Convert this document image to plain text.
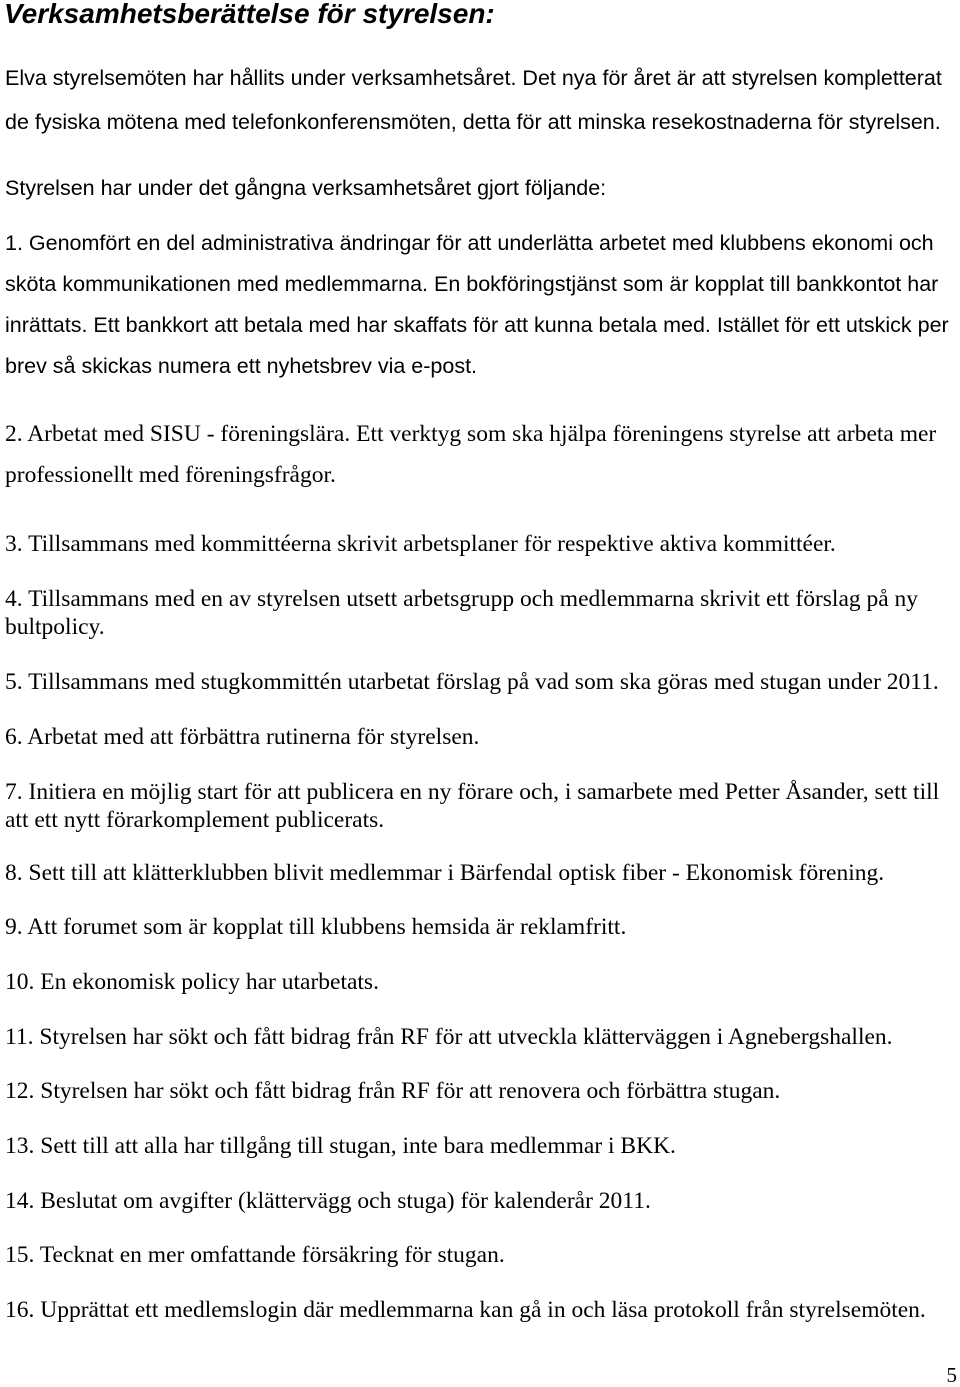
Verksamhetsberättelse för styrelsen:
Elva styrelsemöten har hållits under verksamhetsåret. Det nya för året är att styrelsen kompletterat
de fysiska mötena med telefonkonferensmöten, detta för att minska resekostnaderna för styrelsen.
Styrelsen har under det gångna verksamhetsåret gjort följande:
1. Genomfört en del administrativa ändringar för att underlätta arbetet med klubbens ekonomi och
sköta kommunikationen med medlemmarna. En bokföringstjänst som är kopplat till bankkontot har
inrättats. Ett bankkort att betala med har skaffats för att kunna betala med. Istället för ett utskick per
brev så skickas numera ett nyhetsbrev via e-post.
2. Arbetat med SISU - föreningslära. Ett verktyg som ska hjälpa föreningens styrelse att arbeta mer
professionellt med föreningsfrågor.
3. Tillsammans med kommittéerna skrivit arbetsplaner för respektive aktiva kommittéer.
4. Tillsammans med en av styrelsen utsett arbetsgrupp och medlemmarna skrivit ett förslag på ny
bultpolicy.
5. Tillsammans med stugkommittén utarbetat förslag på vad som ska göras med stugan under 2011.
6. Arbetat med att förbättra rutinerna för styrelsen.
7. Initiera en möjlig start för att publicera en ny förare och, i samarbete med Petter Åsander, sett till
att ett nytt förarkomplement publicerats.
8. Sett till att klätterklubben blivit medlemmar i Bärfendal optisk fiber - Ekonomisk förening.
9. Att forumet som är kopplat till klubbens hemsida är reklamfritt.
10. En ekonomisk policy har utarbetats.
11. Styrelsen har sökt och fått bidrag från RF för att utveckla klätterväggen i Agnebergshallen.
12. Styrelsen har sökt och fått bidrag från RF för att renovera och förbättra stugan.
13. Sett till att alla har tillgång till stugan, inte bara medlemmar i BKK.
14. Beslutat om avgifter (klättervägg och stuga) för kalenderår 2011.
15. Tecknat en mer omfattande försäkring för stugan.
16. Upprättat ett medlemslogin där medlemmarna kan gå in och läsa protokoll från styrelsemöten.
5
